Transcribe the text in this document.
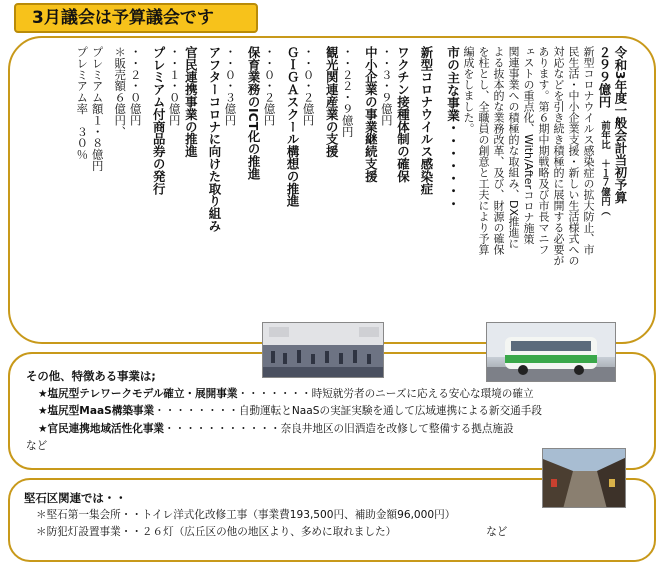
3月議会は予算議会です

令和3年度一般会計当初予算

２９９億円　前年比　＋１７億円（

新型コロナウイルス感染症の拡大防止、市

民生活・中小企業支援・新しい生活様式への

対応などを引き続き積極的に展開する必要が

あります。第６期中期戦略及び市長マニフ

ェストの重点化、With/Afterコロナ施策

関連事業への積極的な取組み、DX推進に

よる抜本的な業務改革、及び、財源の確保

を柱とし、全職員の創意と工夫により予算

編成をしました。

市の主な事業・・・・・・・

新型コロナウイルス感染症

ワクチン接種体制の確保

・・３・９億円

中小企業の事業継続支援

・・２２・９億円

観光関連産業の支援

・・０・２億円

ＧＩＧＡスクール構想の推進

・・０・２億円

保育業務のICT化の推進

・・０・３億円

アフターコロナに向けた取り組み

官民連携事業の推進

・・１・０億円

プレミアム付商品券の発行

・・２・０億円

＊販売額６億円、

プレミアム額１・８億円

プレミアム率　３０％

その他、特徴ある事業は;
★塩尻型テレワークモデル確立・展開事業・・・・・・・時短就労者のニーズに応える安心な環境の確立
★塩尻型MaaS構築事業・・・・・・・・自動運転とNaaSの実証実験を通して広域連携による新交通手段
★官民連携地域活性化事業・・・・・・・・・・・奈良井地区の旧酒造を改修して整備する拠点施設
など
堅石区関連では・・
＊堅石第一集会所・・トイレ洋式化改修工事（事業費193,500円、補助金額96,000円）
＊防犯灯設置事業・・２６灯（広丘区の他の地区より、多めに取れました）	など
